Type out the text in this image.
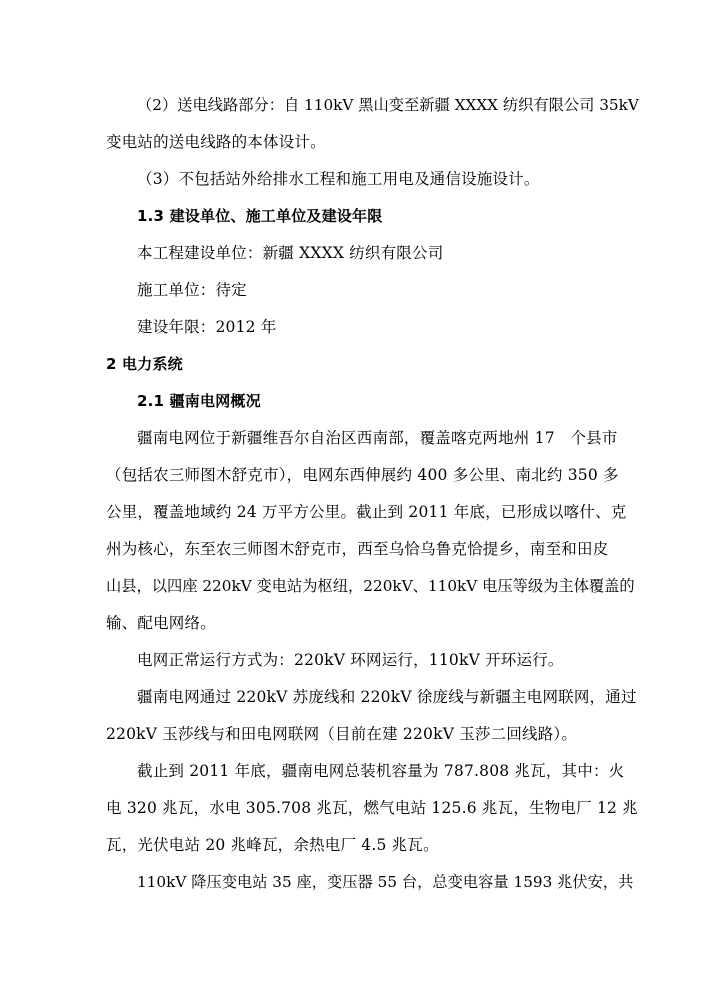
（2）送电线路部分：自 110kV 黑山变至新疆 XXXX 纺织有限公司 35kV
变电站的送电线路的本体设计。
（3）不包括站外给排水工程和施工用电及通信设施设计。
1.3 建设单位、施工单位及建设年限
本工程建设单位：新疆 XXXX 纺织有限公司
施工单位：待定
建设年限：2012 年
2 电力系统
2.1 疆南电网概况
疆南电网位于新疆维吾尔自治区西南部，覆盖喀克两地州 17　个县市
（包括农三师图木舒克市），电网东西伸展约 400 多公里、南北约 350 多
公里，覆盖地域约 24 万平方公里。截止到 2011 年底，已形成以喀什、克
州为核心，东至农三师图木舒克市，西至乌恰乌鲁克恰提乡，南至和田皮
山县，以四座 220kV 变电站为枢纽，220kV、110kV 电压等级为主体覆盖的
输、配电网络。
电网正常运行方式为：220kV 环网运行，110kV 开环运行。
疆南电网通过 220kV 苏庞线和 220kV 徐庞线与新疆主电网联网，通过
220kV 玉莎线与和田电网联网（目前在建 220kV 玉莎二回线路）。
截止到 2011 年底，疆南电网总装机容量为 787.808 兆瓦，其中：火
电 320 兆瓦，水电 305.708 兆瓦，燃气电站 125.6 兆瓦，生物电厂 12 兆
瓦，光伏电站 20 兆峰瓦，余热电厂 4.5 兆瓦。
110kV 降压变电站 35 座，变压器 55 台，总变电容量 1593 兆伏安，共
